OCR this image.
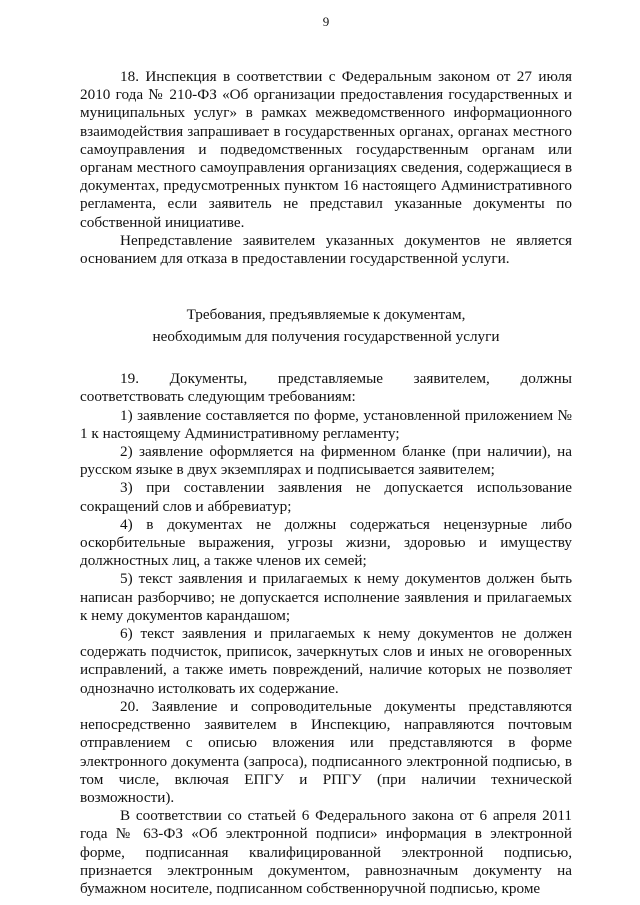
9

18. Инспекция в соответствии с Федеральным законом от 27 июля 2010 года № 210-ФЗ «Об организации предоставления государственных и муниципальных услуг» в рамках межведомственного информационного взаимодействия запрашивает в государственных органах, органах местного самоуправления и подведомственных государственным органам или органам местного самоуправления организациях сведения, содержащиеся в документах, предусмотренных пунктом 16 настоящего Административного регламента, если заявитель не представил указанные документы по собственной инициативе.

Непредставление заявителем указанных документов не является основанием для отказа в предоставлении государственной услуги.

Требования, предъявляемые к документам,
необходимым для получения государственной услуги

19. Документы, представляемые заявителем, должны соответствовать следующим требованиям:

1) заявление составляется по форме, установленной приложением № 1 к настоящему Административному регламенту;

2) заявление оформляется на фирменном бланке (при наличии), на русском языке в двух экземплярах и подписывается заявителем;

3) при составлении заявления не допускается использование сокращений слов и аббревиатур;

4) в документах не должны содержаться нецензурные либо оскорбительные выражения, угрозы жизни, здоровью и имуществу должностных лиц, а также членов их семей;

5) текст заявления и прилагаемых к нему документов должен быть написан разборчиво; не допускается исполнение заявления и прилагаемых к нему документов карандашом;

6) текст заявления и прилагаемых к нему документов не должен содержать подчисток, приписок, зачеркнутых слов и иных не оговоренных исправлений, а также иметь повреждений, наличие которых не позволяет однозначно истолковать их содержание.

20. Заявление и сопроводительные документы представляются непосредственно заявителем в Инспекцию, направляются почтовым отправлением с описью вложения или представляются в форме электронного документа (запроса), подписанного электронной подписью, в том числе, включая ЕПГУ и РПГУ (при наличии технической возможности).

В соответствии со статьей 6 Федерального закона от 6 апреля 2011 года № 63-ФЗ «Об электронной подписи» информация в электронной форме, подписанная квалифицированной электронной подписью, признается электронным документом, равнозначным документу на бумажном носителе, подписанном собственноручной подписью, кроме
